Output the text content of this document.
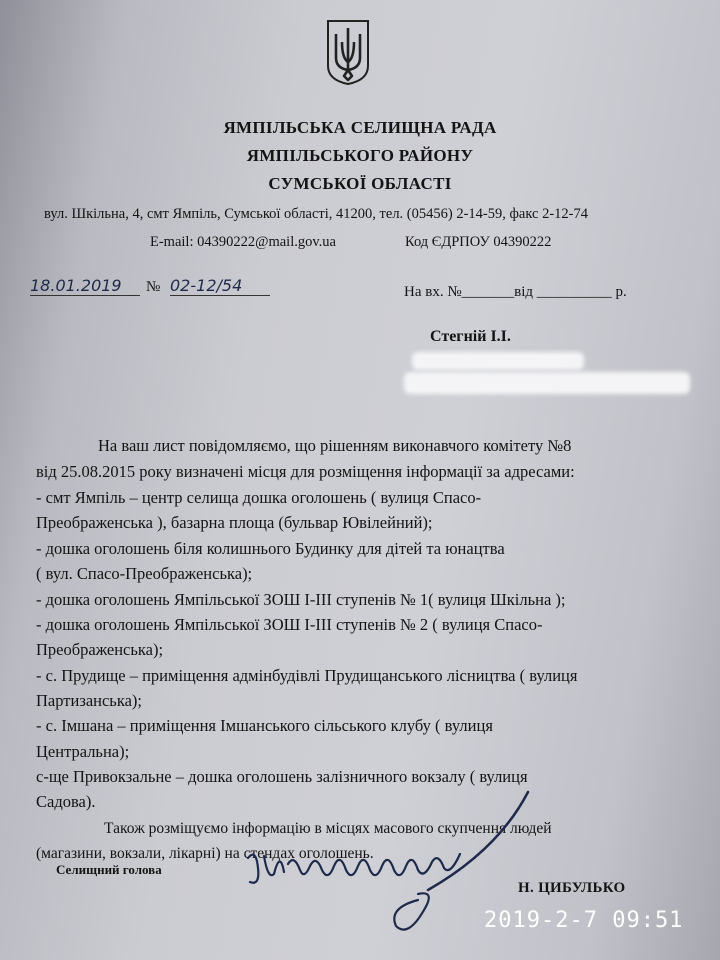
ЯМПІЛЬСЬКА СЕЛИЩНА РАДА
ЯМПІЛЬСЬКОГО РАЙОНУ
СУМСЬКОЇ ОБЛАСТІ
вул. Шкільна, 4, смт Ямпіль, Сумської області, 41200, тел. (05456) 2-14-59, факс 2-12-74
E-mail: 04390222@mail.gov.ua	Код ЄДРПОУ 04390222
18.01.2019	№ 02-12/54	На вх. №_______від __________ р.
Стегній І.І.
На ваш лист повідомляємо, що рішенням виконавчого комітету №8
від 25.08.2015 року визначені місця для розміщення інформації за адресами:
- смт Ямпіль – центр селища дошка оголошень ( вулиця Спасо-
Преображенська ), базарна площа (бульвар Ювілейний);
- дошка оголошень біля колишнього Будинку для дітей та юнацтва
( вул. Спасо-Преображенська);
- дошка оголошень Ямпільської ЗОШ І-ІІІ ступенів № 1( вулиця Шкільна );
- дошка оголошень Ямпільської ЗОШ І-ІІІ ступенів № 2 ( вулиця Спасо-
Преображенська);
- с. Прудище – приміщення адмінбудівлі Прудищанського лісництва ( вулиця
Партизанська);
- с. Імшана – приміщення Імшанського сільського клубу ( вулиця
Центральна);
с-ще Привокзальне – дошка оголошень залізничного вокзалу ( вулиця
Садова).
Також розміщуємо інформацію в місцях масового скупчення людей
(магазини, вокзали, лікарні) на стендах оголошень.
Селищний голова
Н. ЦИБУЛЬКО
2019-2-7 09:51
